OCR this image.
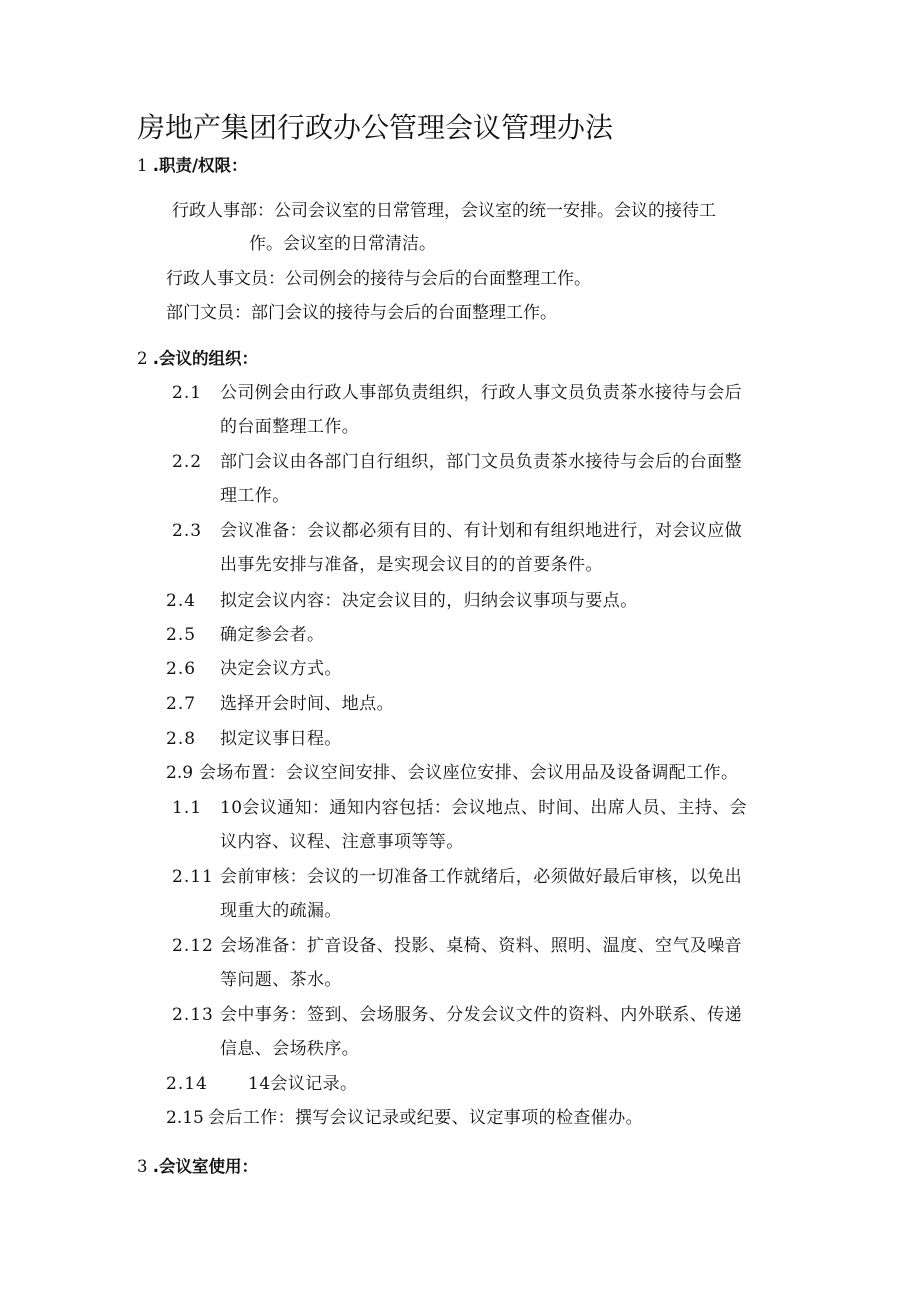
房地产集团行政办公管理会议管理办法
1 .职责/权限：
行政人事部：公司会议室的日常管理，会议室的统一安排。会议的接待工
作。会议室的日常清洁。
行政人事文员：公司例会的接待与会后的台面整理工作。
部门文员：部门会议的接待与会后的台面整理工作。
2 .会议的组织：
2.1 公司例会由行政人事部负责组织，行政人事文员负责茶水接待与会后
的台面整理工作。
2.2 部门会议由各部门自行组织，部门文员负责茶水接待与会后的台面整
理工作。
2.3 会议准备：会议都必须有目的、有计划和有组织地进行，对会议应做
出事先安排与准备，是实现会议目的的首要条件。
2.4 拟定会议内容：决定会议目的，归纳会议事项与要点。
2.5 确定参会者。
2.6 决定会议方式。
2.7 选择开会时间、地点。
2.8 拟定议事日程。
2.9 会场布置：会议空间安排、会议座位安排、会议用品及设备调配工作。
1.1 10会议通知：通知内容包括：会议地点、时间、出席人员、主持、会
议内容、议程、注意事项等等。
2.11 会前审核：会议的一切准备工作就绪后，必须做好最后审核，以免出
现重大的疏漏。
2.12 会场准备：扩音设备、投影、桌椅、资料、照明、温度、空气及噪音
等问题、茶水。
2.13 会中事务：签到、会场服务、分发会议文件的资料、内外联系、传递
信息、会场秩序。
2.14 14会议记录。
2.15 会后工作：撰写会议记录或纪要、议定事项的检查催办。
3 .会议室使用：
